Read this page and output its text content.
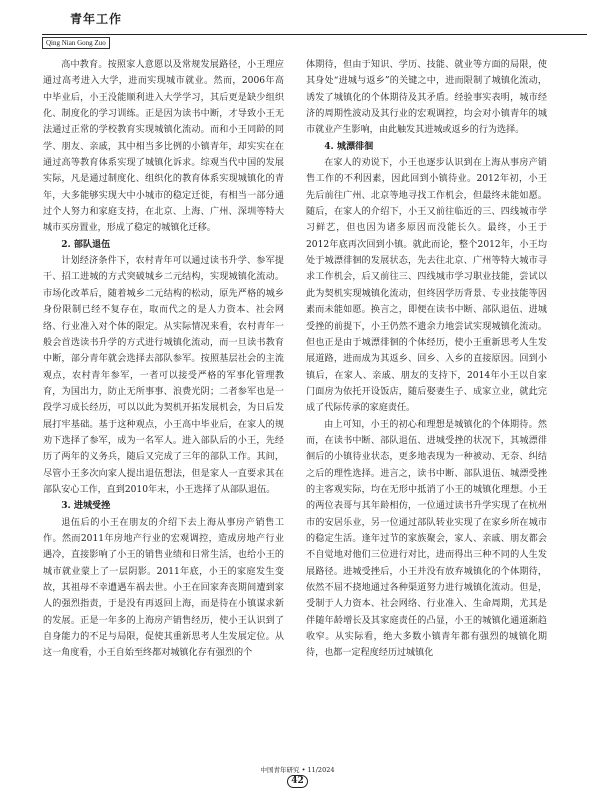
青年工作
Qing Nian Gong Zuo

高中教育。按照家人意愿以及常规发展路径，小王理应通过高考进入大学，进而实现城市就业。然而，2006年高中毕业后，小王没能顺利进入大学学习，其后更是缺少组织化、制度化的学习训练。正是因为读书中断，才导致小王无法通过正常的学校教育实现城镇化流动。而和小王同龄的同学、朋友、亲戚，其中相当多比例的小镇青年，却实实在在通过高等教育体系实现了城镇化诉求。综观当代中国的发展实际，凡是通过制度化、组织化的教育体系实现城镇化的青年，大多能够实现大中小城市的稳定迁徙，有相当一部分通过个人努力和家庭支持，在北京、上海、广州、深圳等特大城市买房置业，形成了稳定的城镇化迁移。

2. 部队退伍

计划经济条件下，农村青年可以通过读书升学、参军提干、招工进城的方式突破城乡二元结构，实现城镇化流动。市场化改革后，随着城乡二元结构的松动，原先严格的城乡身份限制已经不复存在，取而代之的是人力资本、社会网络、行业准入对个体的限定。从实际情况来看，农村青年一般会首选读书升学的方式进行城镇化流动，而一旦读书教育中断，部分青年就会选择去部队参军。按照基层社会的主流观点，农村青年参军，一者可以接受严格的军事化管理教育，为国出力，防止无所事事、浪费光阴；二者参军也是一段学习成长经历，可以以此为契机开拓发展机会，为日后发展打牢基础。基于这种观点，小王高中毕业后，在家人的规劝下选择了参军，成为一名军人。进入部队后的小王，先经历了两年的义务兵，随后又完成了三年的部队工作。其间，尽管小王多次向家人提出退伍想法，但是家人一直要求其在部队安心工作，直到2010年末，小王选择了从部队退伍。

3. 进城受挫

退伍后的小王在朋友的介绍下去上海从事房产销售工作。然而2011年房地产行业的宏观调控，造成房地产行业遇冷，直接影响了小王的销售业绩和日常生活，也给小王的城市就业蒙上了一层阴影。2011年底，小王的家庭发生变故，其祖母不幸遭遇车祸去世。小王在回家奔丧期间遭到家人的强烈指责，于是没有再返回上海，而是待在小镇谋求新的发展。正是一年多的上海房产销售经历，使小王认识到了自身能力的不足与局限，促使其重新思考人生发展定位。从这一角度看，小王自始至终都对城镇化存有强烈的个

体期待，但由于知识、学历、技能、就业等方面的局限，使其身处“进城与返乡”的关键之中，进而限制了城镇化流动，诱发了城镇化的个体期待及其矛盾。经验事实表明，城市经济的周期性波动及其行业的宏观调控，均会对小镇青年的城市就业产生影响，由此触发其进城或返乡的行为选择。

4. 城漂徘徊

在家人的劝说下，小王也逐步认识到在上海从事房产销售工作的不利因素，因此回到小镇待业。2012年初，小王先后前往广州、北京等地寻找工作机会，但最终未能如愿。随后，在家人的介绍下，小王又前往临近的三、四线城市学习鲜艺，但也因为诸多原因而没能长久。最终，小王于2012年底再次回到小镇。就此而论，整个2012年，小王均处于城漂徘徊的发展状态，先去往北京、广州等特大城市寻求工作机会，后又前往三、四线城市学习职业技能，尝试以此为契机实现城镇化流动，但终因学历背景、专业技能等因素而未能如愿。换言之，即便在读书中断、部队退伍、进城受挫的前提下，小王仍然不遗余力地尝试实现城镇化流动。但也正是由于城漂徘徊的个体经历，使小王重新思考人生发展道路，进而成为其返乡、回乡、入乡的直接原因。回到小镇后，在家人、亲戚、朋友的支持下，2014年小王以自家门面房为依托开设饭店，随后娶妻生子、成家立业，就此完成了代际传承的家庭责任。

由上可知，小王的初心和理想是城镇化的个体期待。然而，在读书中断、部队退伍、进城受挫的状况下，其城漂徘徊后的小镇待业状态，更多地表现为一种被动、无奈、纠结之后的理性选择。进言之，读书中断、部队退伍、城漂受挫的主客观实际，均在无形中抵消了小王的城镇化理想。小王的两位表哥与其年龄相仿，一位通过读书升学实现了在杭州市的安居乐业，另一位通过部队转业实现了在家乡所在城市的稳定生活。逢年过节的家族聚会，家人、亲戚、朋友都会不自觉地对他们三位进行对比，进而得出三种不同的人生发展路径。进城受挫后，小王并没有放弃城镇化的个体期待，依然不屈不挠地通过各种渠道努力进行城镇化流动。但是，受制于人力资本、社会网络、行业准入、生命周期，尤其是伴随年龄增长及其家庭责任的凸显，小王的城镇化通道渐趋收窄。从实际看，绝大多数小镇青年都有强烈的城镇化期待，也都一定程度经历过城镇化

中国青年研究 • 11/2024
42
